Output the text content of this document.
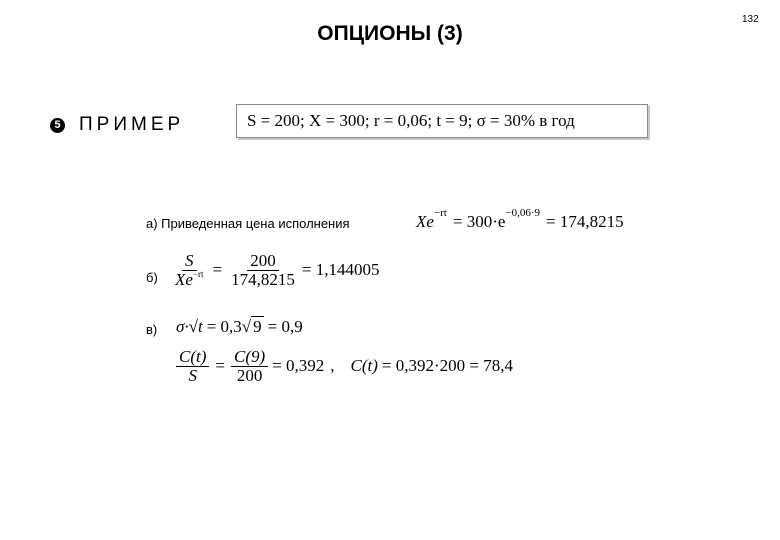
ОПЦИОНЫ (3)
132
5 ПРИМЕР	S = 200; X = 300; r = 0,06; t = 9; σ = 30% в год
а) Приведенная цена исполнения	Xe −rt = 300·e −0,06·9 = 174,8215
$б) \frac{S}{Xe^{-rt}} = \frac{200}{174,8215} = 1,144005$
в) σ·√t = 0,3 √ 9 = 0,9
$\frac{C(t)}{S} = \frac{C(9)}{200} = 0,392$ , C(t) = 0,392·200 = 78,4
